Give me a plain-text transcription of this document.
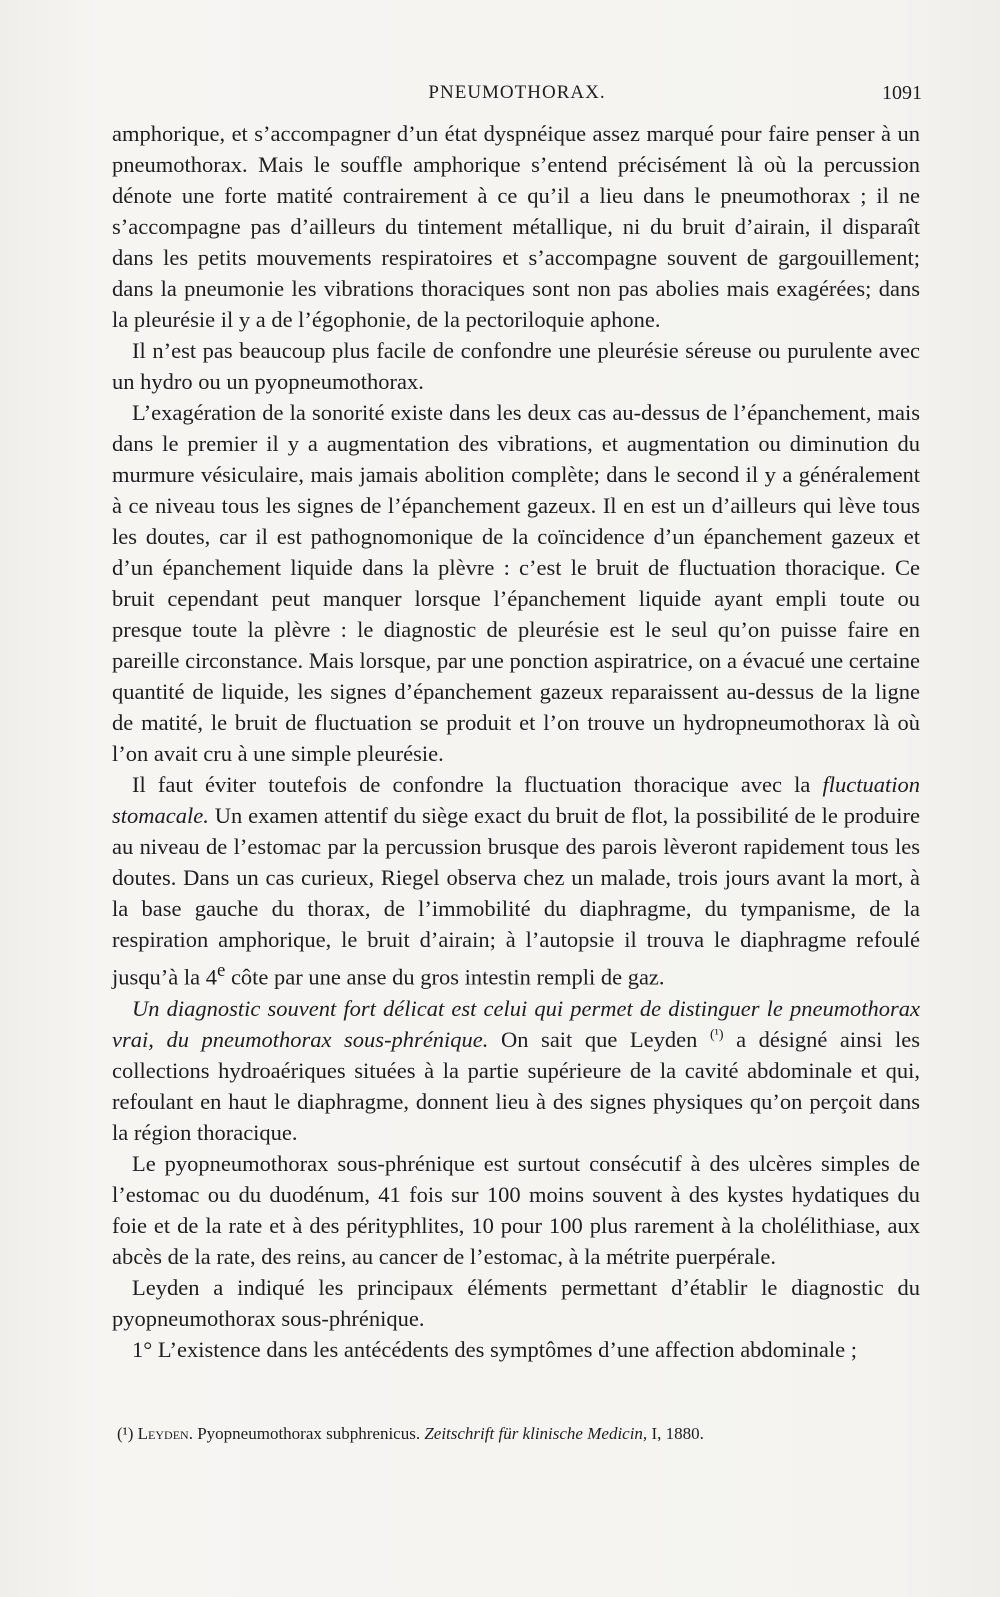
PNEUMOTHORAX.	1091

amphorique, et s’accompagner d’un état dyspnéique assez marqué pour faire penser à un pneumothorax. Mais le souffle amphorique s’entend précisément là où la percussion dénote une forte matité contrairement à ce qu’il a lieu dans le pneumothorax ; il ne s’accompagne pas d’ailleurs du tintement métallique, ni du bruit d’airain, il disparaît dans les petits mouvements respiratoires et s’accompagne souvent de gargouillement; dans la pneumonie les vibrations thoraciques sont non pas abolies mais exagérées; dans la pleurésie il y a de l’égophonie, de la pectoriloquie aphone.

Il n’est pas beaucoup plus facile de confondre une pleurésie séreuse ou purulente avec un hydro ou un pyopneumothorax.

L’exagération de la sonorité existe dans les deux cas au-dessus de l’épanchement, mais dans le premier il y a augmentation des vibrations, et augmentation ou diminution du murmure vésiculaire, mais jamais abolition complète; dans le second il y a généralement à ce niveau tous les signes de l’épanchement gazeux. Il en est un d’ailleurs qui lève tous les doutes, car il est pathognomonique de la coïncidence d’un épanchement gazeux et d’un épanchement liquide dans la plèvre : c’est le bruit de fluctuation thoracique. Ce bruit cependant peut manquer lorsque l’épanchement liquide ayant empli toute ou presque toute la plèvre : le diagnostic de pleurésie est le seul qu’on puisse faire en pareille circonstance. Mais lorsque, par une ponction aspiratrice, on a évacué une certaine quantité de liquide, les signes d’épanchement gazeux reparaissent au-dessus de la ligne de matité, le bruit de fluctuation se produit et l’on trouve un hydropneumothorax là où l’on avait cru à une simple pleurésie.

Il faut éviter toutefois de confondre la fluctuation thoracique avec la fluctuation stomacale. Un examen attentif du siège exact du bruit de flot, la possibilité de le produire au niveau de l’estomac par la percussion brusque des parois lèveront rapidement tous les doutes. Dans un cas curieux, Riegel observa chez un malade, trois jours avant la mort, à la base gauche du thorax, de l’immobilité du diaphragme, du tympanisme, de la respiration amphorique, le bruit d’airain; à l’autopsie il trouva le diaphragme refoulé jusqu’à la 4e côte par une anse du gros intestin rempli de gaz.

Un diagnostic souvent fort délicat est celui qui permet de distinguer le pneumothorax vrai, du pneumothorax sous-phrénique. On sait que Leyden $^{(^1)}$ a désigné ainsi les collections hydroaériques situées à la partie supérieure de la cavité abdominale et qui, refoulant en haut le diaphragme, donnent lieu à des signes physiques qu’on perçoit dans la région thoracique.

Le pyopneumothorax sous-phrénique est surtout consécutif à des ulcères simples de l’estomac ou du duodénum, 41 fois sur 100 moins souvent à des kystes hydatiques du foie et de la rate et à des pérityphlites, 10 pour 100 plus rarement à la cholélithiase, aux abcès de la rate, des reins, au cancer de l’estomac, à la métrite puerpérale.

Leyden a indiqué les principaux éléments permettant d’établir le diagnostic du pyopneumothorax sous-phrénique.

1° L’existence dans les antécédents des symptômes d’une affection abdominale ;

(¹) Leyden. Pyopneumothorax subphrenicus. Zeitschrift für klinische Medicin, I, 1880.
